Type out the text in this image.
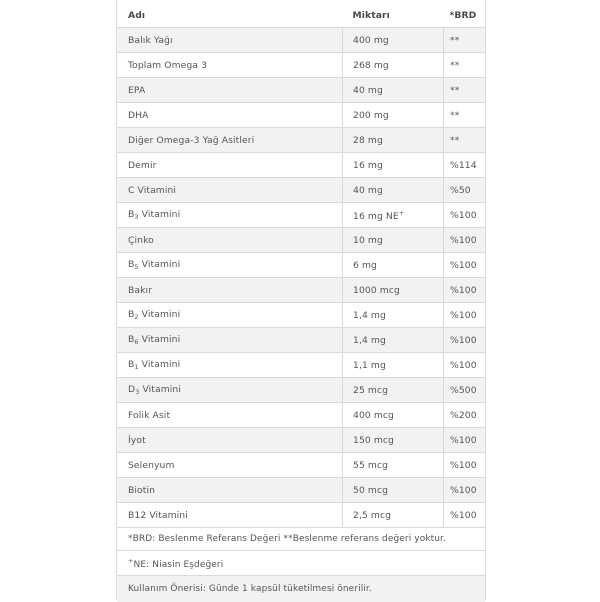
Adı	Miktarı	*BRD
Balık Yağı	400 mg	**
Toplam Omega 3	268 mg	**
EPA	40 mg	**
DHA	200 mg	**
Diğer Omega-3 Yağ Asitleri	28 mg	**
Demir	16 mg	%114
C Vitamini	40 mg	%50
$B_3$ Vitamini	16 mg NE+	%100
Çinko	10 mg	%100
$B_5$ Vitamini	6 mg	%100
Bakır	1000 mcg	%100
$B_2$ Vitamini	1,4 mg	%100
$B_6$ Vitamini	1,4 mg	%100
$B_1$ Vitamini	1,1 mg	%100
$D_3$ Vitamini	25 mcg	%500
Folik Asit	400 mcg	%200
İyot	150 mcg	%100
Selenyum	55 mcg	%100
Biotin	50 mcg	%100
B12 Vitamini	2,5 mcg	%100
*BRD: Beslenme Referans Değeri **Beslenme referans değeri yoktur.		
+NE: Niasin Eşdeğeri		
Kullanım Önerisi: Günde 1 kapsül tüketilmesi önerilir.		
